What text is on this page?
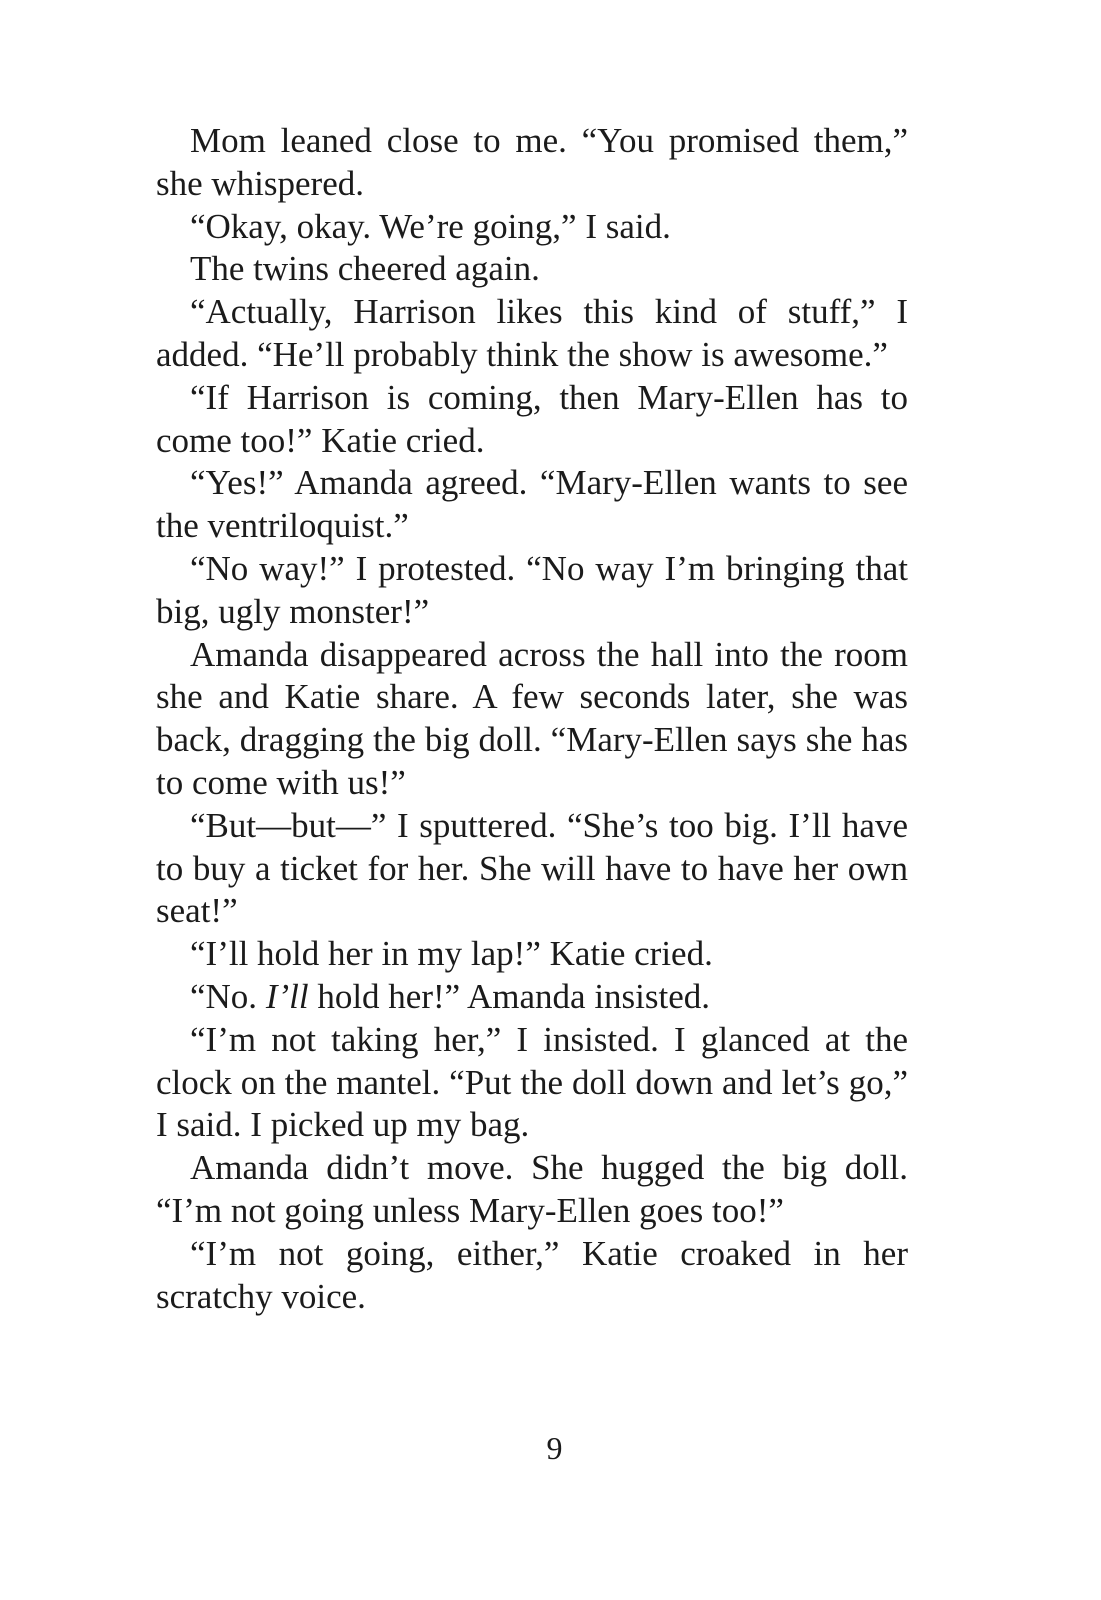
Mom leaned close to me. “You promised them,” she whispered.

“Okay, okay. We’re going,” I said.

The twins cheered again.

“Actually, Harrison likes this kind of stuff,” I added. “He’ll probably think the show is awesome.”

“If Harrison is coming, then Mary-Ellen has to come too!” Katie cried.

“Yes!” Amanda agreed. “Mary-Ellen wants to see the ventriloquist.”

“No way!” I protested. “No way I’m bringing that big, ugly monster!”

Amanda disappeared across the hall into the room she and Katie share. A few seconds later, she was back, dragging the big doll. “Mary-Ellen says she has to come with us!”

“But—but—” I sputtered. “She’s too big. I’ll have to buy a ticket for her. She will have to have her own seat!”

“I’ll hold her in my lap!” Katie cried.

“No. I’ll hold her!” Amanda insisted.

“I’m not taking her,” I insisted. I glanced at the clock on the mantel. “Put the doll down and let’s go,” I said. I picked up my bag.

Amanda didn’t move. She hugged the big doll. “I’m not going unless Mary-Ellen goes too!”

“I’m not going, either,” Katie croaked in her scratchy voice.

9
